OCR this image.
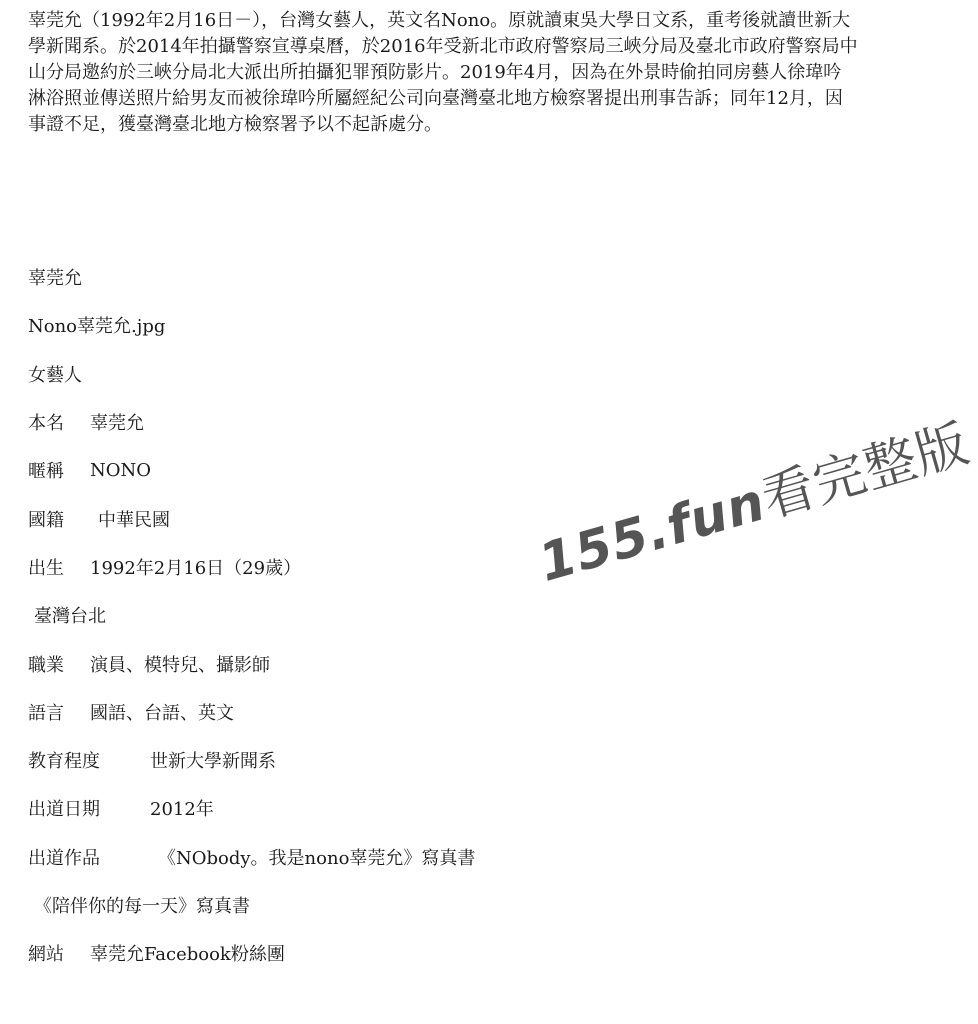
辜莞允（1992年2月16日－），台灣女藝人，英文名Nono。原就讀東吳大學日文系，重考後就讀世新大學新聞系。於2014年拍攝警察宣導桌曆，於2016年受新北市政府警察局三峽分局及臺北市政府警察局中山分局邀約於三峽分局北大派出所拍攝犯罪預防影片。2019年4月，因為在外景時偷拍同房藝人徐瑋吟淋浴照並傳送照片給男友而被徐瑋吟所屬經紀公司向臺灣臺北地方檢察署提出刑事告訴；同年12月，因事證不足，獲臺灣臺北地方檢察署予以不起訴處分。

辜莞允
Nono辜莞允.jpg
女藝人
本名 辜莞允
暱稱 NONO
國籍 中華民國
出生 1992年2月16日（29歲）
臺灣台北
職業 演員、模特兒、攝影師
語言 國語、台語、英文
教育程度	世新大學新聞系
出道日期	2012年
出道作品	《NObody。我是nono辜莞允》寫真書
《陪伴你的每一天》寫真書
網站 辜莞允Facebook粉絲團
155.fun看完整版
